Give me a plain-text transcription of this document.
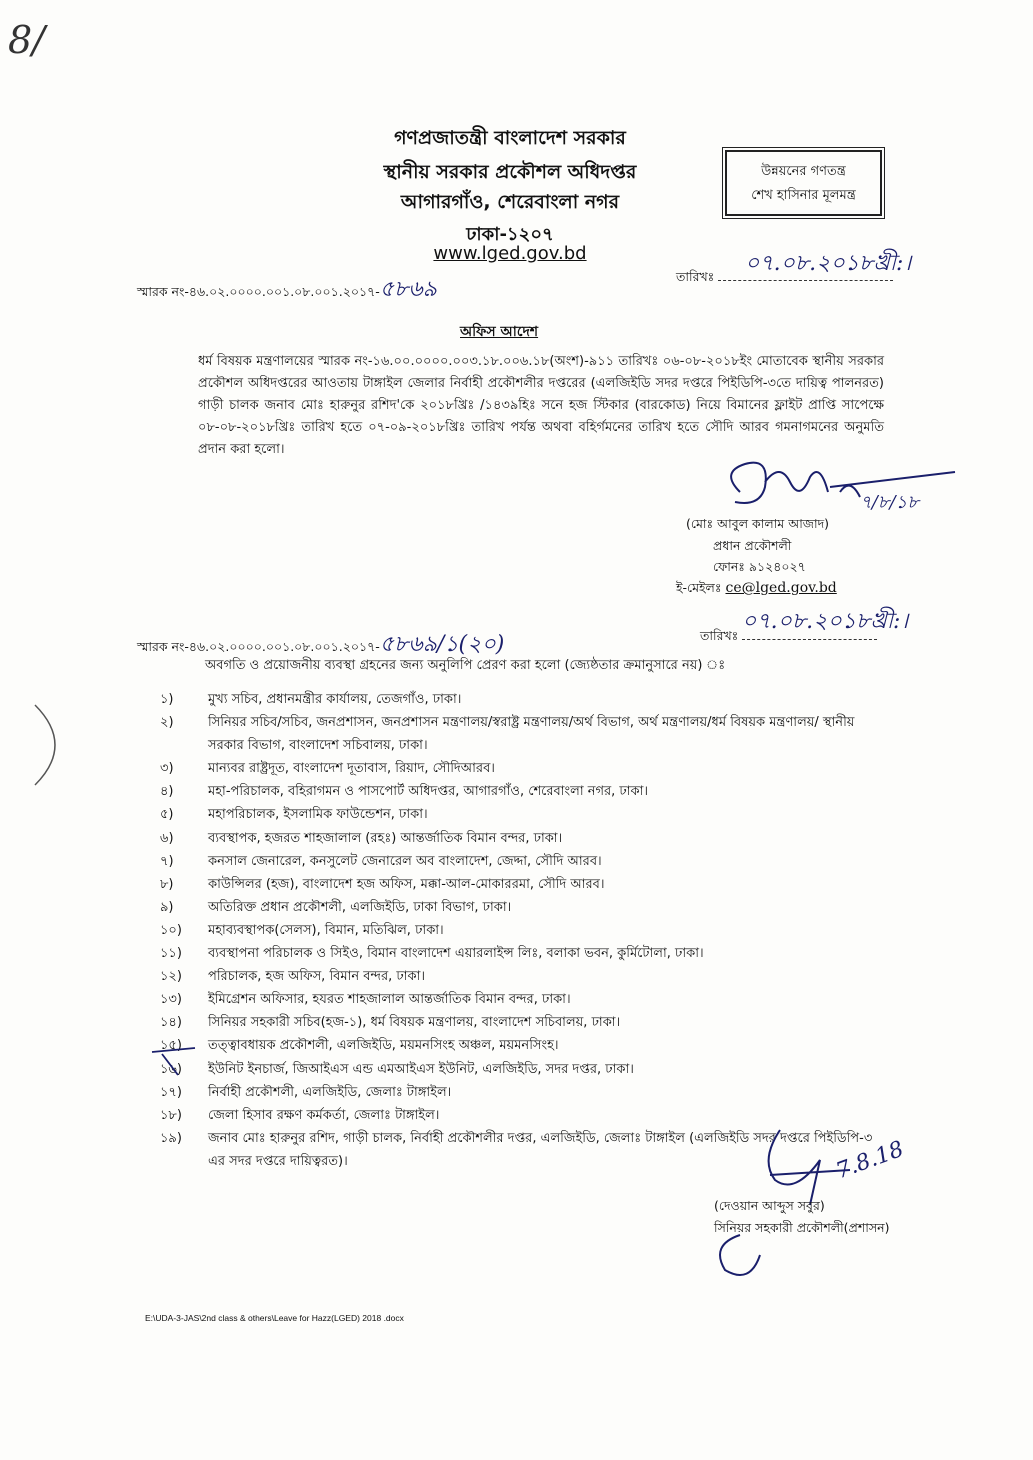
8/
গণপ্রজাতন্ত্রী বাংলাদেশ সরকার
স্থানীয় সরকার প্রকৌশল অধিদপ্তর
আগারগাঁও, শেরেবাংলা নগর
ঢাকা-১২০৭
www.lged.gov.bd
উন্নয়নের গণতন্ত্র
শেখ হাসিনার মূলমন্ত্র
স্মারক নং-৪৬.০২.০০০০.০০১.০৮.০০১.২০১৭-৫৮৬৯
তারিখঃ
০৭.০৮.২০১৮খ্রী:।
অফিস আদেশ
ধর্ম বিষয়ক মন্ত্রণালয়ের স্মারক নং-১৬.০০.০০০০.০০৩.১৮.০০৬.১৮(অংশ)-৯১১ তারিখঃ ০৬-০৮-২০১৮ইং মোতাবেক স্থানীয় সরকার প্রকৌশল অধিদপ্তরের আওতায় টাঙ্গাইল জেলার নির্বাহী প্রকৌশলীর দপ্তরের (এলজিইডি সদর দপ্তরে পিইডিপি-৩তে দায়িত্ব পালনরত) গাড়ী চালক জনাব মোঃ হারুনুর রশিদ'কে ২০১৮খ্রিঃ /১৪৩৯হিঃ সনে হজ স্টিকার (বারকোড) নিয়ে বিমানের ফ্লাইট প্রাপ্তি সাপেক্ষে ০৮-০৮-২০১৮খ্রিঃ তারিখ হতে ০৭-০৯-২০১৮খ্রিঃ তারিখ পর্যন্ত অথবা বহির্গমনের তারিখ হতে সৌদি আরব গমনাগমনের অনুমতি প্রদান করা হলো।
৭/৮/১৮
(মোঃ আবুল কালাম আজাদ)
প্রধান প্রকৌশলী
ফোনঃ ৯১২৪০২৭
ই-মেইলঃ ce@lged.gov.bd
স্মারক নং-৪৬.০২.০০০০.০০১.০৮.০০১.২০১৭-৫৮৬৯/১(২০)	তারিখঃ
০৭.০৮.২০১৮খ্রী:।
অবগতি ও প্রয়োজনীয় ব্যবস্থা গ্রহনের জন্য অনুলিপি প্রেরণ করা হলো (জ্যেষ্ঠতার ক্রমানুসারে নয়) ঃ
১)	মুখ্য সচিব, প্রধানমন্ত্রীর কার্যালয়, তেজগাঁও, ঢাকা।
২)	সিনিয়র সচিব/সচিব, জনপ্রশাসন, জনপ্রশাসন মন্ত্রণালয়/স্বরাষ্ট্র মন্ত্রণালয়/অর্থ বিভাগ, অর্থ মন্ত্রণালয়/ধর্ম বিষয়ক মন্ত্রণালয়/ স্থানীয় সরকার বিভাগ, বাংলাদেশ সচিবালয়, ঢাকা।
৩)	মান্যবর রাষ্ট্রদূত, বাংলাদেশ দূতাবাস, রিয়াদ, সৌদিআরব।
৪)	মহা-পরিচালক, বহিরাগমন ও পাসপোর্ট অধিদপ্তর, আগারগাঁও, শেরেবাংলা নগর, ঢাকা।
৫)	মহাপরিচালক, ইসলামিক ফাউন্ডেশন, ঢাকা।
৬)	ব্যবস্থাপক, হজরত শাহজালাল (রহঃ) আন্তর্জাতিক বিমান বন্দর, ঢাকা।
৭)	কনসাল জেনারেল, কনসুলেট জেনারেল অব বাংলাদেশ, জেদ্দা, সৌদি আরব।
৮)	কাউন্সিলর (হজ), বাংলাদেশ হজ অফিস, মক্কা-আল-মোকাররমা, সৌদি আরব।
৯)	অতিরিক্ত প্রধান প্রকৌশলী, এলজিইডি, ঢাকা বিভাগ, ঢাকা।
১০)	মহাব্যবস্থাপক(সেলস), বিমান, মতিঝিল, ঢাকা।
১১)	ব্যবস্থাপনা পরিচালক ও সিইও, বিমান বাংলাদেশ এয়ারলাইন্স লিঃ, বলাকা ভবন, কুর্মিটোলা, ঢাকা।
১২)	পরিচালক, হজ অফিস, বিমান বন্দর, ঢাকা।
১৩)	ইমিগ্রেশন অফিসার, হযরত শাহজালাল আন্তর্জাতিক বিমান বন্দর, ঢাকা।
১৪)	সিনিয়র সহকারী সচিব(হজ-১), ধর্ম বিষয়ক মন্ত্রণালয়, বাংলাদেশ সচিবালয়, ঢাকা।
১৫)	তত্ত্বাবধায়ক প্রকৌশলী, এলজিইডি, ময়মনসিংহ অঞ্চল, ময়মনসিংহ।
১৬)	ইউনিট ইনচার্জ, জিআইএস এন্ড এমআইএস ইউনিট, এলজিইডি, সদর দপ্তর, ঢাকা।
১৭)	নির্বাহী প্রকৌশলী, এলজিইডি, জেলাঃ টাঙ্গাইল।
১৮)	জেলা হিসাব রক্ষণ কর্মকর্তা, জেলাঃ টাঙ্গাইল।
১৯)	জনাব মোঃ হারুনুর রশিদ, গাড়ী চালক, নির্বাহী প্রকৌশলীর দপ্তর, এলজিইডি, জেলাঃ টাঙ্গাইল (এলজিইডি সদর দপ্তরে পিইডিপি-৩ এর সদর দপ্তরে দায়িত্বরত)।	7.8.18
(দেওয়ান আব্দুস সবুর)
সিনিয়র সহকারী প্রকৌশলী(প্রশাসন)
E:\UDA-3-JAS\2nd class & others\Leave for Hazz(LGED) 2018 .docx
